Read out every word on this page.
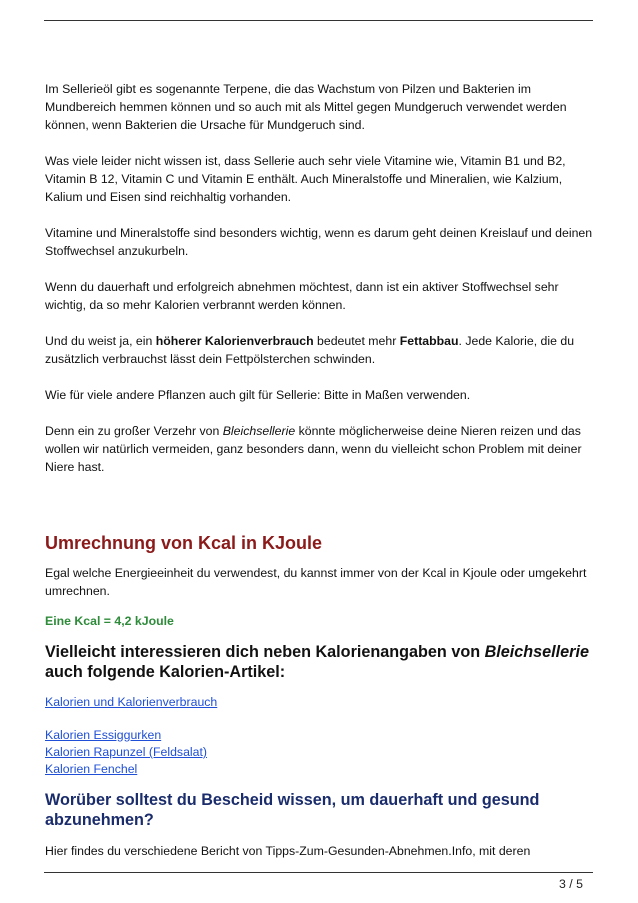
Im Sellerieöl gibt es sogenannte Terpene, die das Wachstum von Pilzen und Bakterien im Mundbereich hemmen können und so auch mit als Mittel gegen Mundgeruch verwendet werden können, wenn Bakterien die Ursache für Mundgeruch sind.

Was viele leider nicht wissen ist, dass Sellerie auch sehr viele Vitamine wie, Vitamin B1 und B2, Vitamin B 12, Vitamin C und Vitamin E enthält. Auch Mineralstoffe und Mineralien, wie Kalzium, Kalium und Eisen sind reichhaltig vorhanden.

Vitamine und Mineralstoffe sind besonders wichtig, wenn es darum geht deinen Kreislauf und deinen Stoffwechsel anzukurbeln.

Wenn du dauerhaft und erfolgreich abnehmen möchtest, dann ist ein aktiver Stoffwechsel sehr wichtig, da so mehr Kalorien verbrannt werden können.

Und du weist ja, ein höherer Kalorienverbrauch bedeutet mehr Fettabbau. Jede Kalorie, die du zusätzlich verbrauchst lässt dein Fettpölsterchen schwinden.

Wie für viele andere Pflanzen auch gilt für Sellerie: Bitte in Maßen verwenden.

Denn ein zu großer Verzehr von Bleichsellerie könnte möglicherweise deine Nieren reizen und das wollen wir natürlich vermeiden, ganz besonders dann, wenn du vielleicht schon Problem mit deiner Niere hast.

Umrechnung von Kcal in KJoule

Egal welche Energieeinheit du verwendest, du kannst immer von der Kcal in Kjoule oder umgekehrt umrechnen.

Eine Kcal = 4,2 kJoule
Vielleicht interessieren dich neben Kalorienangaben von Bleichsellerie auch folgende Kalorien-Artikel:
Kalorien und Kalorienverbrauch
Kalorien Essiggurken
Kalorien Rapunzel (Feldsalat)
Kalorien Fenchel
Worüber solltest du Bescheid wissen, um dauerhaft und gesund abzunehmen?

Hier findes du verschiedene Bericht von Tipps-Zum-Gesunden-Abnehmen.Info, mit deren

3 / 5
